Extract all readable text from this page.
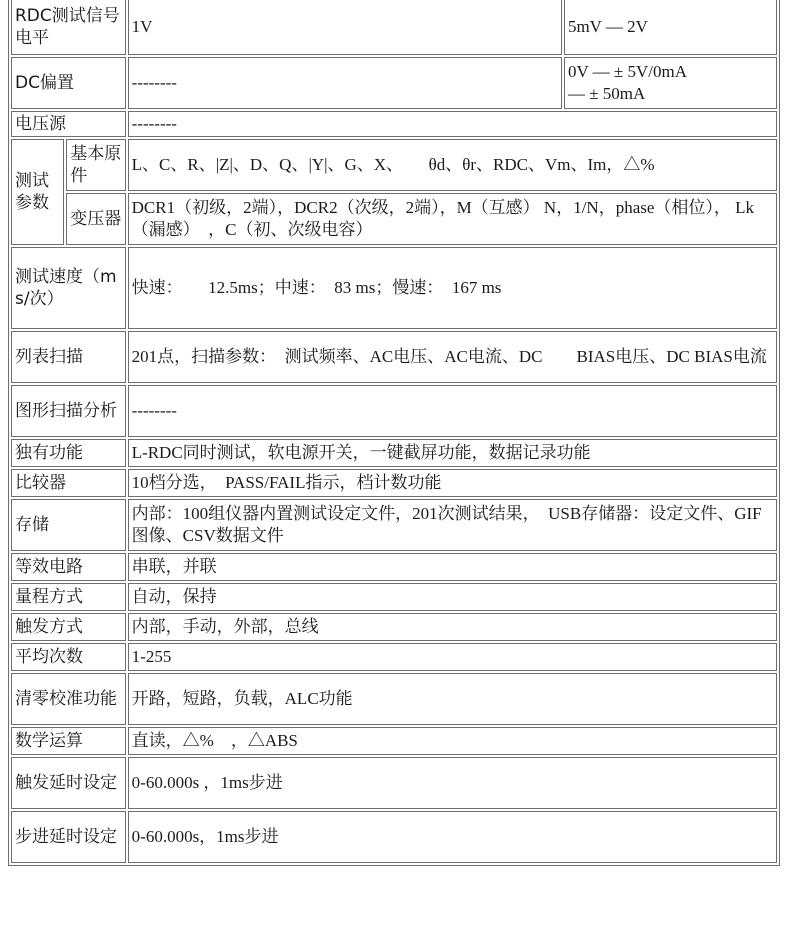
RDC测试信号电平		1V	5mV — 2V
DC偏置		--------	0V — ± 5V/0mA
— ± 50mA

电压源		--------	
测试参数	基本原件	L、C、R、|Z|、D、Q、|Y|、G、X、　　θd、θr、RDC、Vm、Im，△%	
	变压器	DCR1（初级，2端），DCR2（次级，2端），M（互感） N，1/N，phase（相位）， Lk（漏感）　，C（初、次级电容）	
测试速度（ms/次）		快速：　　12.5ms；中速：　83 ms；慢速：　167 ms	
列表扫描		201点，扫描参数：　测试频率、AC电压、AC电流、DC　　BIAS电压、DC BIAS电流	
图形扫描分析		--------	
独有功能		L-RDC同时测试，软电源开关，一键截屏功能，数据记录功能	
比较器		10档分选，　PASS/FAIL指示，档计数功能	
存储		内部：100组仪器内置测试设定文件，201次测试结果，　USB存储器：设定文件、GIF图像、CSV数据文件	
等效电路		串联，并联	
量程方式		自动，保持	
触发方式		内部，手动，外部，总线	
平均次数		1-255	
清零校准功能		开路，短路，负载，ALC功能	
数学运算		直读，△%　，△ABS	
触发延时设定		0-60.000s ，1ms步进	
步进延时设定		0-60.000s，1ms步进	
